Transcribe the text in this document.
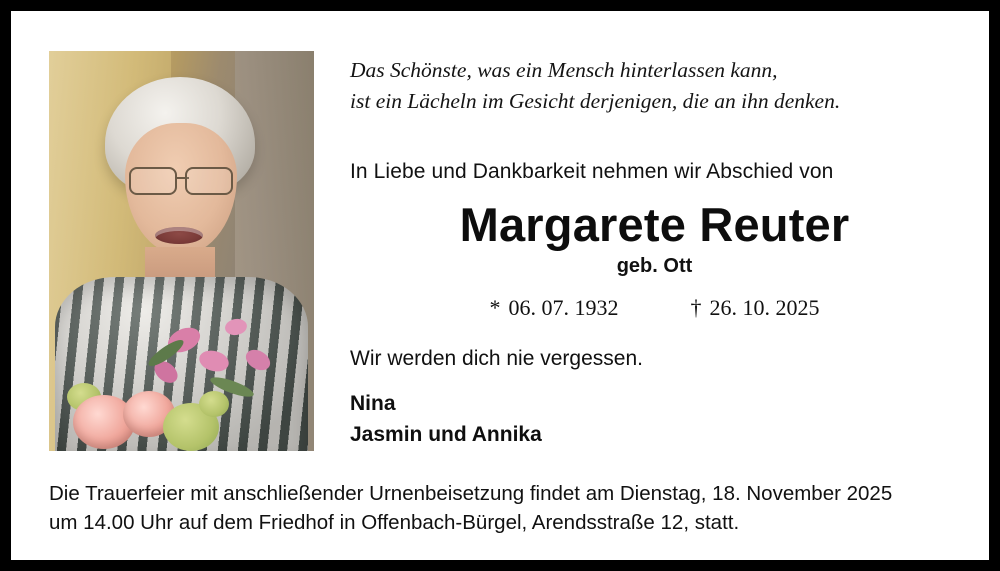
Das Schönste, was ein Mensch hinterlassen kann,
ist ein Lächeln im Gesicht derjenigen, die an ihn denken.
In Liebe und Dankbarkeit nehmen wir Abschied von
Margarete Reuter
geb. Ott
* 06. 07. 1932	† 26. 10. 2025
Wir werden dich nie vergessen.
Nina
Jasmin und Annika
Die Trauerfeier mit anschließender Urnenbeisetzung findet am Dienstag, 18. November 2025
um 14.00 Uhr auf dem Friedhof in Offenbach-Bürgel, Arendsstraße 12, statt.
